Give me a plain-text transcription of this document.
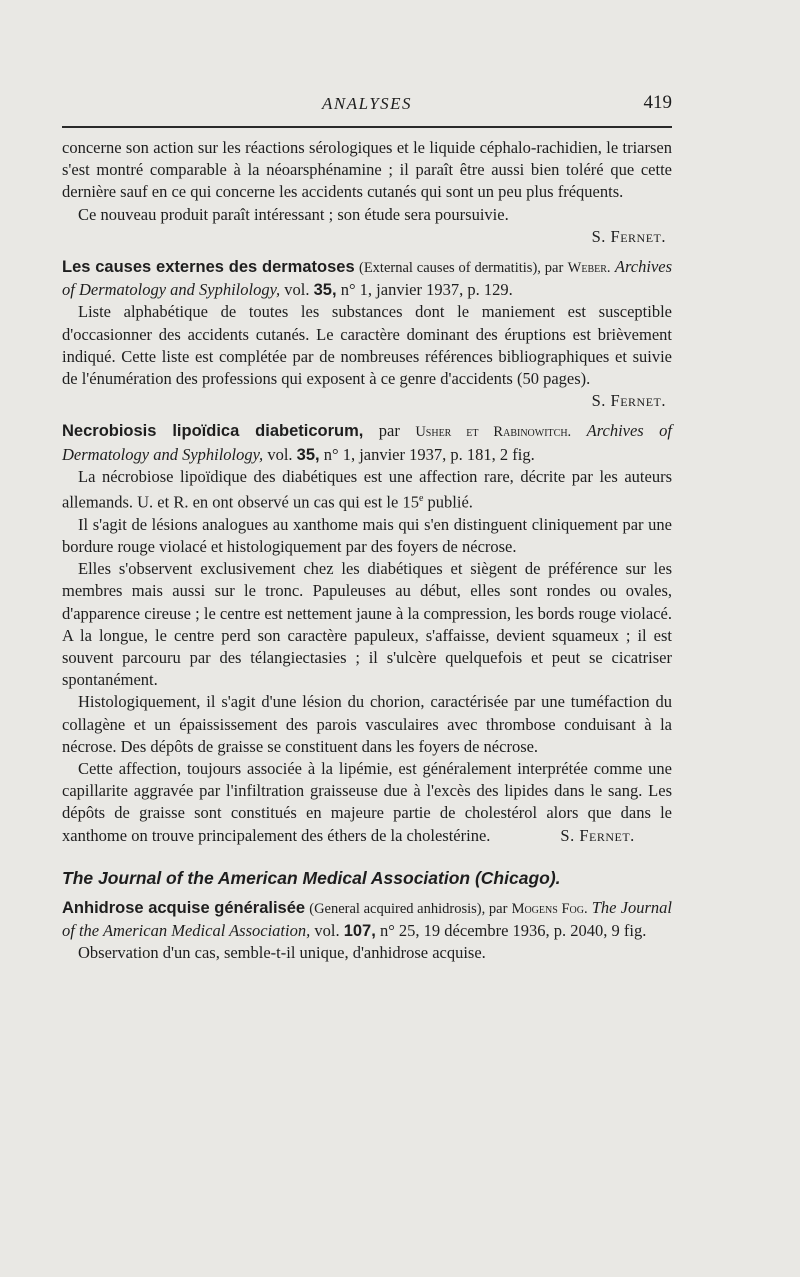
ANALYSES	419

concerne son action sur les réactions sérologiques et le liquide céphalo-rachidien, le triarsen s'est montré comparable à la néoarsphénamine ; il paraît être aussi bien toléré que cette dernière sauf en ce qui concerne les accidents cutanés qui sont un peu plus fréquents.

Ce nouveau produit paraît intéressant ; son étude sera poursuivie.

S. Fernet.

Les causes externes des dermatoses (External causes of dermatitis), par Weber. Archives of Dermatology and Syphilology, vol. 35, n° 1, janvier 1937, p. 129.

Liste alphabétique de toutes les substances dont le maniement est susceptible d'occasionner des accidents cutanés. Le caractère dominant des éruptions est brièvement indiqué. Cette liste est complétée par de nombreuses références bibliographiques et suivie de l'énumération des professions qui exposent à ce genre d'accidents (50 pages).

S. Fernet.

Necrobiosis lipoïdica diabeticorum, par Usher et Rabinowitch. Archives of Dermatology and Syphilology, vol. 35, n° 1, janvier 1937, p. 181, 2 fig.

La nécrobiose lipoïdique des diabétiques est une affection rare, décrite par les auteurs allemands. U. et R. en ont observé un cas qui est le 15e publié.

Il s'agit de lésions analogues au xanthome mais qui s'en distinguent cliniquement par une bordure rouge violacé et histologiquement par des foyers de nécrose.

Elles s'observent exclusivement chez les diabétiques et siègent de préférence sur les membres mais aussi sur le tronc. Papuleuses au début, elles sont rondes ou ovales, d'apparence cireuse ; le centre est nettement jaune à la compression, les bords rouge violacé. A la longue, le centre perd son caractère papuleux, s'affaisse, devient squameux ; il est souvent parcouru par des télangiectasies ; il s'ulcère quelquefois et peut se cicatriser spontanément.

Histologiquement, il s'agit d'une lésion du chorion, caractérisée par une tuméfaction du collagène et un épaississement des parois vasculaires avec thrombose conduisant à la nécrose. Des dépôts de graisse se constituent dans les foyers de nécrose.

Cette affection, toujours associée à la lipémie, est généralement interprétée comme une capillarite aggravée par l'infiltration graisseuse due à l'excès des lipides dans le sang. Les dépôts de graisse sont constitués en majeure partie de cholestérol alors que dans le xanthome on trouve principalement des éthers de la cholestérine.	S. Fernet.

The Journal of the American Medical Association (Chicago).

Anhidrose acquise généralisée (General acquired anhidrosis), par Mogens Fog. The Journal of the American Medical Association, vol. 107, n° 25, 19 décembre 1936, p. 2040, 9 fig.

Observation d'un cas, semble-t-il unique, d'anhidrose acquise.
